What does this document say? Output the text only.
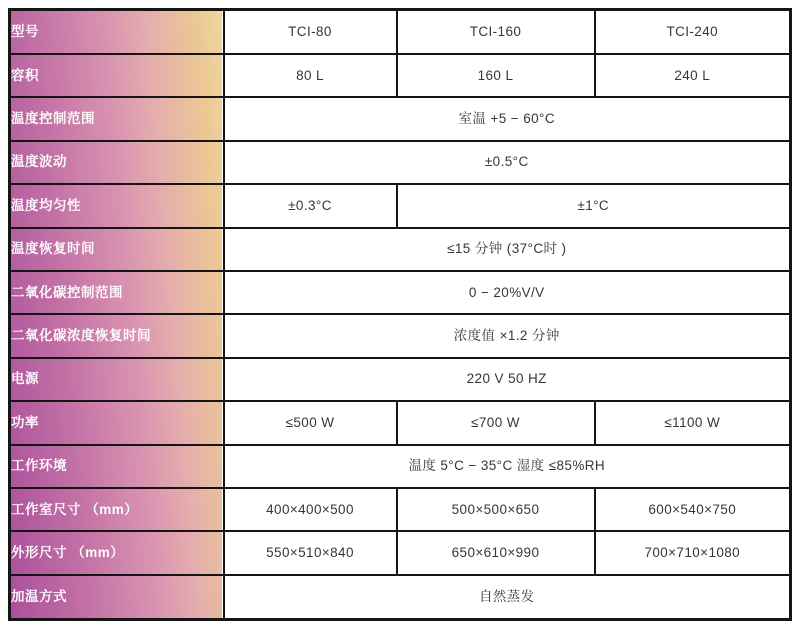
型号	TCI-80	TCI-160	TCI-240
容积	80 L	160 L	240 L
温度控制范围	室温 +5 − 60°C		
温度波动	±0.5°C		
温度均匀性	±0.3°C	±1°C	
温度恢复时间	≤15 分钟 (37°C时 )		
二氧化碳控制范围	0 − 20%V/V		
二氧化碳浓度恢复时间	浓度值 ×1.2 分钟		
电源	220 V 50 HZ		
功率	≤500 W	≤700 W	≤1100 W
工作环境	温度 5°C − 35°C 湿度 ≤85%RH		
工作室尺寸 （mm）	400×400×500	500×500×650	600×540×750
外形尺寸 （mm）	550×510×840	650×610×990	700×710×1080
加温方式	自然蒸发		
